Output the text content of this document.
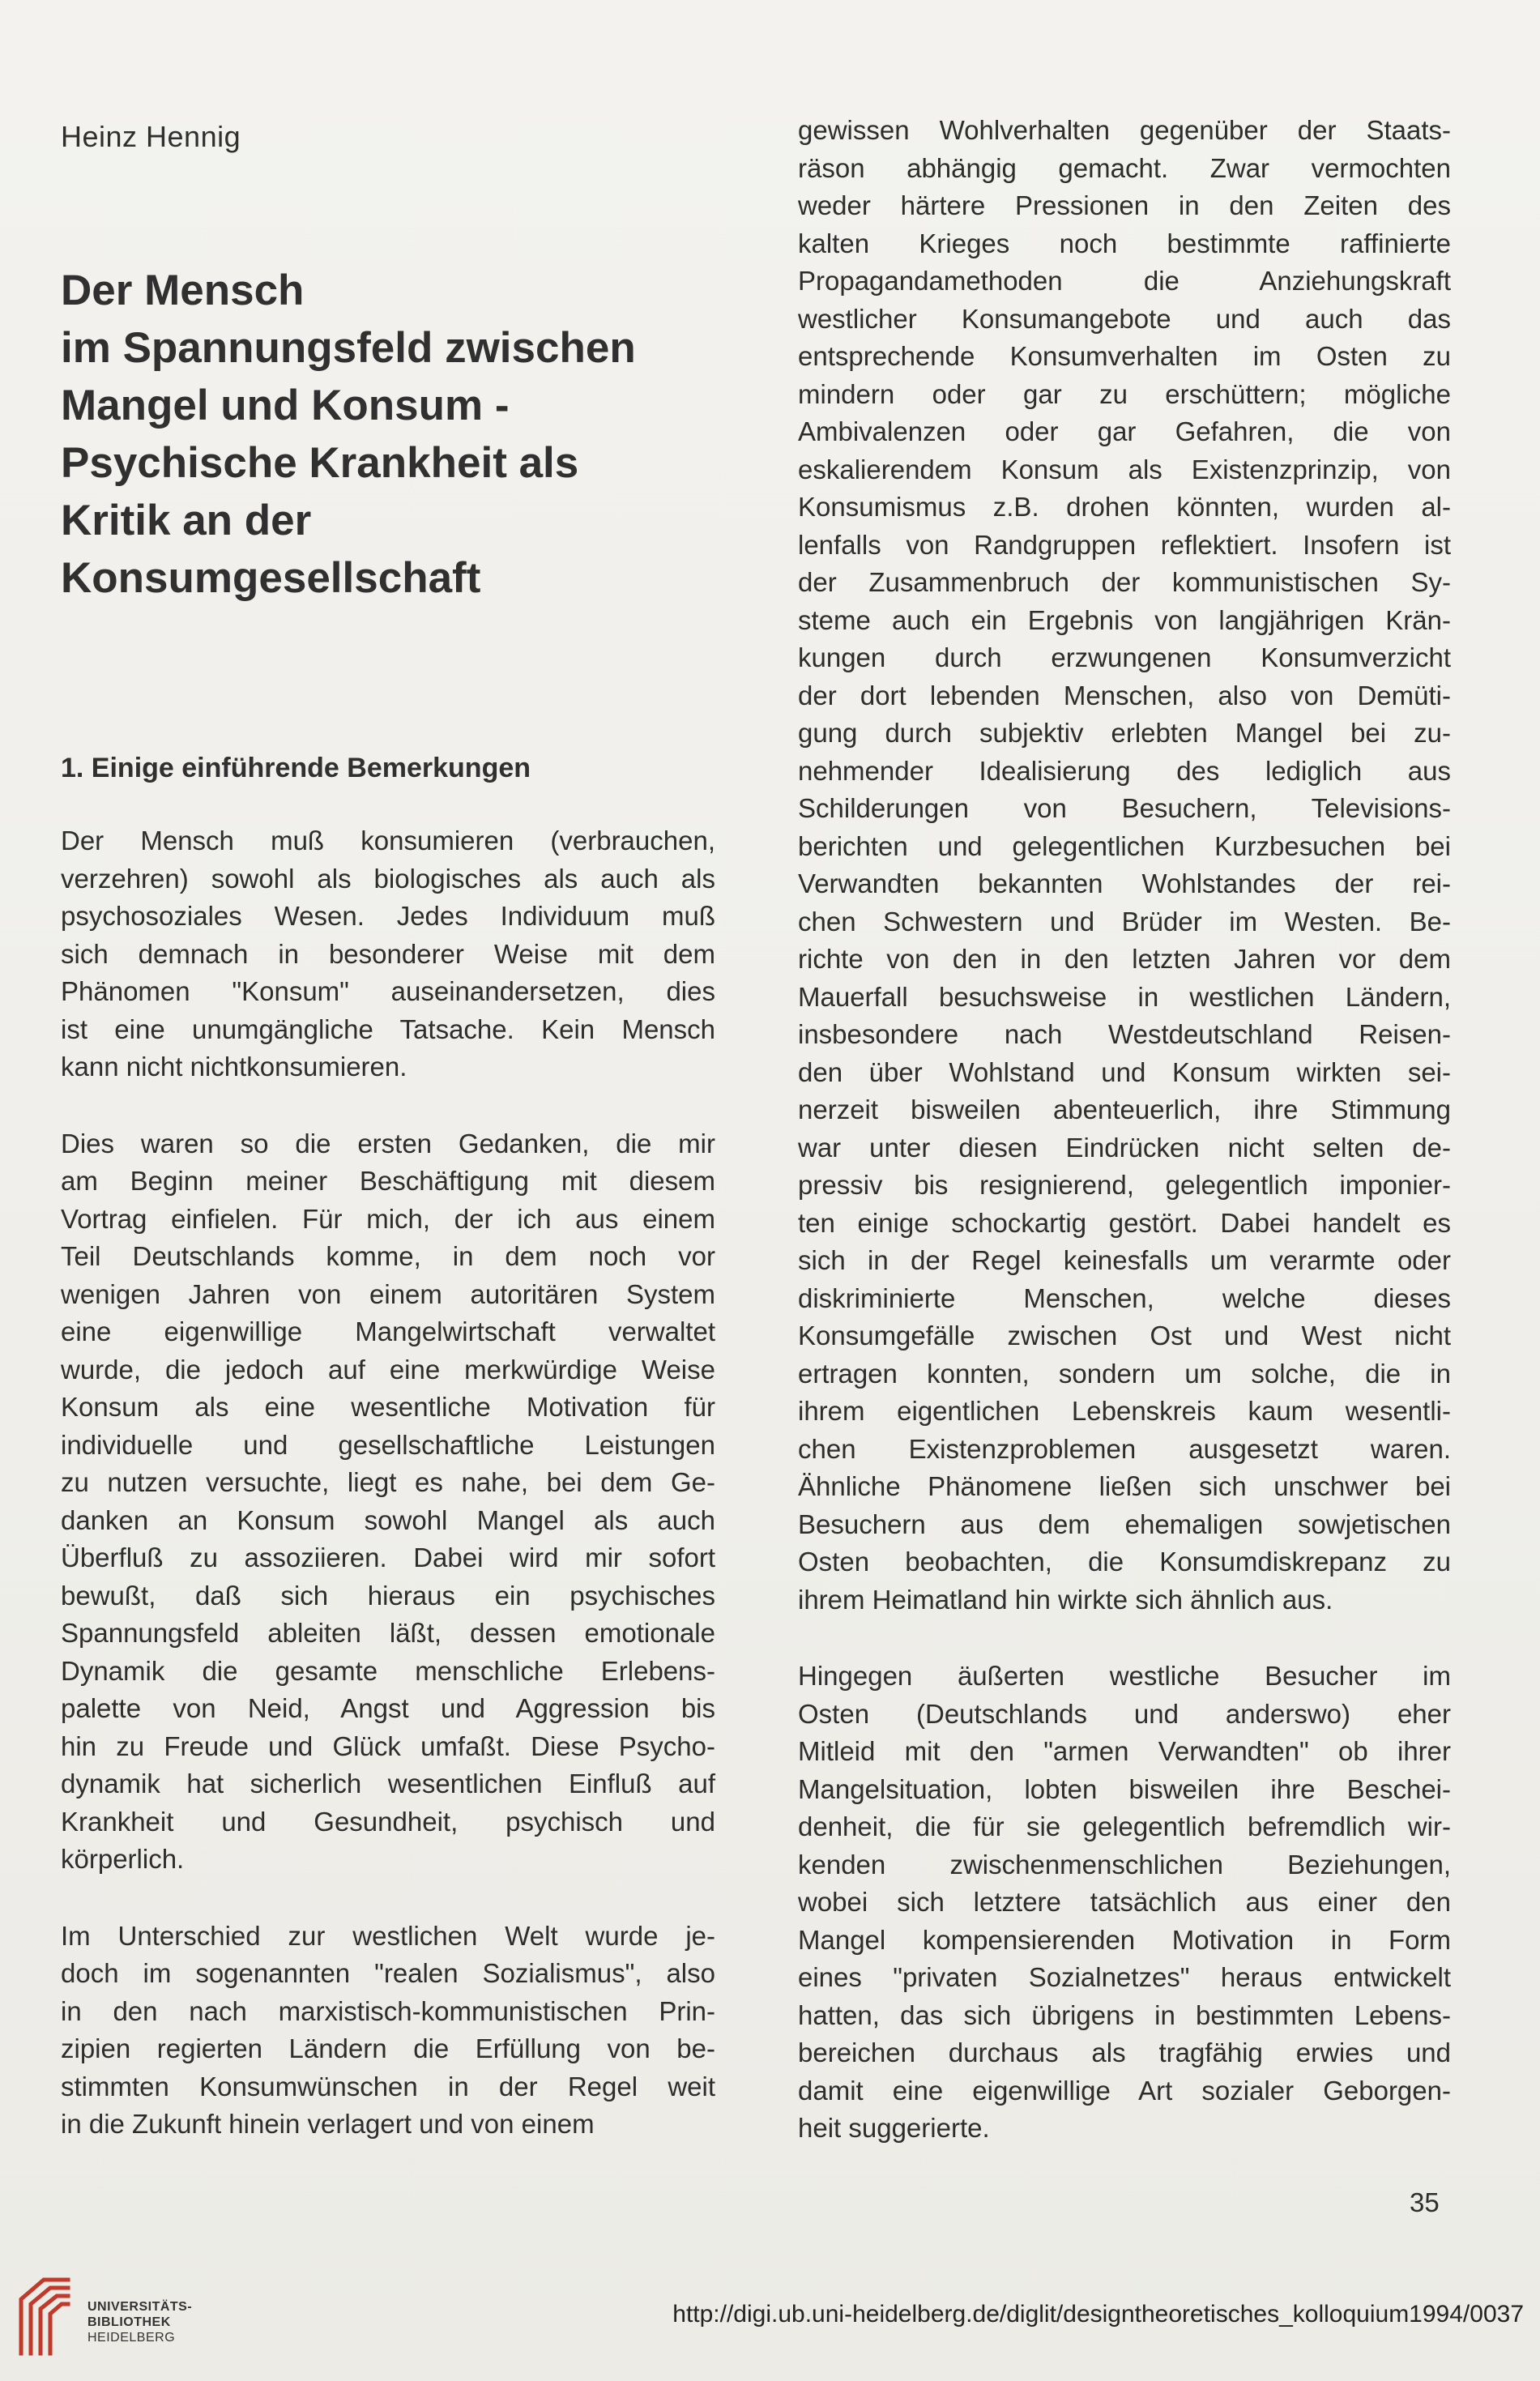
Heinz Hennig
Der Mensch
im Spannungsfeld zwischen
Mangel und Konsum -
Psychische Krankheit als
Kritik an der
Konsumgesellschaft
1. Einige einführende Bemerkungen
Der Mensch muß konsumieren (verbrauchen,
verzehren) sowohl als biologisches als auch als
psychosoziales Wesen. Jedes Individuum muß
sich demnach in besonderer Weise mit dem
Phänomen "Konsum" auseinandersetzen, dies
ist eine unumgängliche Tatsache. Kein Mensch
kann nicht nichtkonsumieren.
Dies waren so die ersten Gedanken, die mir
am Beginn meiner Beschäftigung mit diesem
Vortrag einfielen. Für mich, der ich aus einem
Teil Deutschlands komme, in dem noch vor
wenigen Jahren von einem autoritären System
eine eigenwillige Mangelwirtschaft verwaltet
wurde, die jedoch auf eine merkwürdige Weise
Konsum als eine wesentliche Motivation für
individuelle und gesellschaftliche Leistungen
zu nutzen versuchte, liegt es nahe, bei dem Ge-
danken an Konsum sowohl Mangel als auch
Überfluß zu assoziieren. Dabei wird mir sofort
bewußt, daß sich hieraus ein psychisches
Spannungsfeld ableiten läßt, dessen emotionale
Dynamik die gesamte menschliche Erlebens-
palette von Neid, Angst und Aggression bis
hin zu Freude und Glück umfaßt. Diese Psycho-
dynamik hat sicherlich wesentlichen Einfluß auf
Krankheit und Gesundheit, psychisch und
körperlich.
Im Unterschied zur westlichen Welt wurde je-
doch im sogenannten "realen Sozialismus", also
in den nach marxistisch-kommunistischen Prin-
zipien regierten Ländern die Erfüllung von be-
stimmten Konsumwünschen in der Regel weit
in die Zukunft hinein verlagert und von einem
gewissen Wohlverhalten gegenüber der Staats-
räson abhängig gemacht. Zwar vermochten
weder härtere Pressionen in den Zeiten des
kalten Krieges noch bestimmte raffinierte
Propagandamethoden die Anziehungskraft
westlicher Konsumangebote und auch das
entsprechende Konsumverhalten im Osten zu
mindern oder gar zu erschüttern; mögliche
Ambivalenzen oder gar Gefahren, die von
eskalierendem Konsum als Existenzprinzip, von
Konsumismus z.B. drohen könnten, wurden al-
lenfalls von Randgruppen reflektiert. Insofern ist
der Zusammenbruch der kommunistischen Sy-
steme auch ein Ergebnis von langjährigen Krän-
kungen durch erzwungenen Konsumverzicht
der dort lebenden Menschen, also von Demüti-
gung durch subjektiv erlebten Mangel bei zu-
nehmender Idealisierung des lediglich aus
Schilderungen von Besuchern, Televisions-
berichten und gelegentlichen Kurzbesuchen bei
Verwandten bekannten Wohlstandes der rei-
chen Schwestern und Brüder im Westen. Be-
richte von den in den letzten Jahren vor dem
Mauerfall besuchsweise in westlichen Ländern,
insbesondere nach Westdeutschland Reisen-
den über Wohlstand und Konsum wirkten sei-
nerzeit bisweilen abenteuerlich, ihre Stimmung
war unter diesen Eindrücken nicht selten de-
pressiv bis resignierend, gelegentlich imponier-
ten einige schockartig gestört. Dabei handelt es
sich in der Regel keinesfalls um verarmte oder
diskriminierte Menschen, welche dieses
Konsumgefälle zwischen Ost und West nicht
ertragen konnten, sondern um solche, die in
ihrem eigentlichen Lebenskreis kaum wesentli-
chen Existenzproblemen ausgesetzt waren.
Ähnliche Phänomene ließen sich unschwer bei
Besuchern aus dem ehemaligen sowjetischen
Osten beobachten, die Konsumdiskrepanz zu
ihrem Heimatland hin wirkte sich ähnlich aus.
Hingegen äußerten westliche Besucher im
Osten (Deutschlands und anderswo) eher
Mitleid mit den "armen Verwandten" ob ihrer
Mangelsituation, lobten bisweilen ihre Beschei-
denheit, die für sie gelegentlich befremdlich wir-
kenden zwischenmenschlichen Beziehungen,
wobei sich letztere tatsächlich aus einer den
Mangel kompensierenden Motivation in Form
eines "privaten Sozialnetzes" heraus entwickelt
hatten, das sich übrigens in bestimmten Lebens-
bereichen durchaus als tragfähig erwies und
damit eine eigenwillige Art sozialer Geborgen-
heit suggerierte.
35
UNIVERSITÄTS-
BIBLIOTHEK
HEIDELBERG
http://digi.ub.uni-heidelberg.de/diglit/designtheoretisches_kolloquium1994/0037
